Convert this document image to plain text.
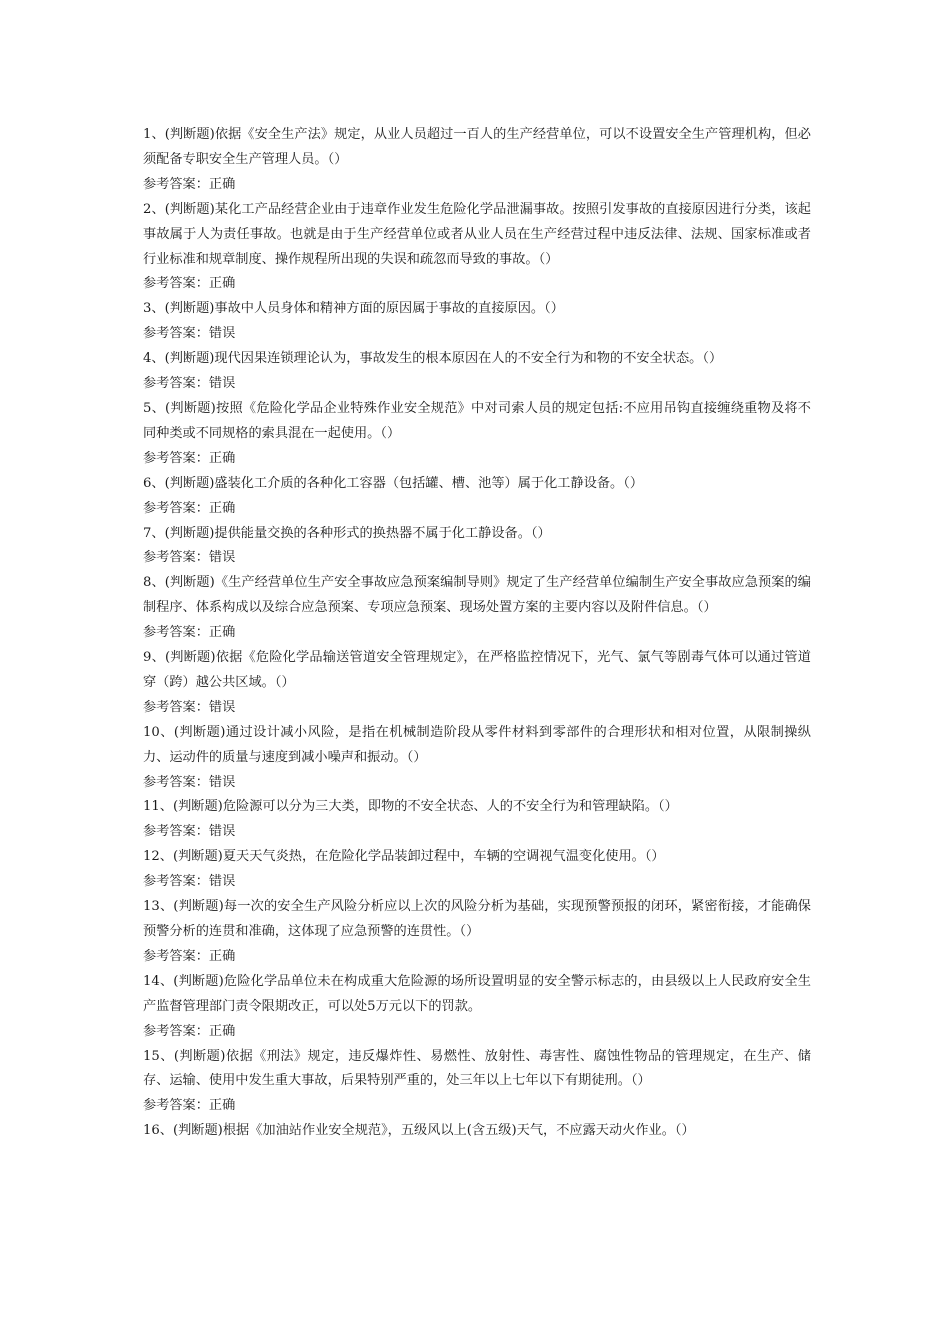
1、(判断题)依据《安全生产法》规定，从业人员超过一百人的生产经营单位，可以不设置安全生产管理机构，但必须配备专职安全生产管理人员。（）

参考答案：正确

2、(判断题)某化工产品经营企业由于违章作业发生危险化学品泄漏事故。按照引发事故的直接原因进行分类，该起事故属于人为责任事故。也就是由于生产经营单位或者从业人员在生产经营过程中违反法律、法规、国家标准或者行业标准和规章制度、操作规程所出现的失误和疏忽而导致的事故。（）

参考答案：正确

3、(判断题)事故中人员身体和精神方面的原因属于事故的直接原因。（）

参考答案：错误

4、(判断题)现代因果连锁理论认为，事故发生的根本原因在人的不安全行为和物的不安全状态。（）

参考答案：错误

5、(判断题)按照《危险化学品企业特殊作业安全规范》中对司索人员的规定包括:不应用吊钩直接缠绕重物及将不同种类或不同规格的索具混在一起使用。（）

参考答案：正确

6、(判断题)盛装化工介质的各种化工容器（包括罐、槽、池等）属于化工静设备。（）

参考答案：正确

7、(判断题)提供能量交换的各种形式的换热器不属于化工静设备。（）

参考答案：错误

8、(判断题)《生产经营单位生产安全事故应急预案编制导则》规定了生产经营单位编制生产安全事故应急预案的编制程序、体系构成以及综合应急预案、专项应急预案、现场处置方案的主要内容以及附件信息。（）

参考答案：正确

9、(判断题)依据《危险化学品输送管道安全管理规定》，在严格监控情况下，光气、氯气等剧毒气体可以通过管道穿（跨）越公共区域。（）

参考答案：错误

10、(判断题)通过设计减小风险，是指在机械制造阶段从零件材料到零部件的合理形状和相对位置，从限制操纵力、运动件的质量与速度到减小噪声和振动。（）

参考答案：错误

11、(判断题)危险源可以分为三大类，即物的不安全状态、人的不安全行为和管理缺陷。（）

参考答案：错误

12、(判断题)夏天天气炎热，在危险化学品装卸过程中，车辆的空调视气温变化使用。（）

参考答案：错误

13、(判断题)每一次的安全生产风险分析应以上次的风险分析为基础，实现预警预报的闭环，紧密衔接，才能确保预警分析的连贯和准确，这体现了应急预警的连贯性。（）

参考答案：正确

14、(判断题)危险化学品单位未在构成重大危险源的场所设置明显的安全警示标志的，由县级以上人民政府安全生产监督管理部门责令限期改正，可以处5万元以下的罚款。

参考答案：正确

15、(判断题)依据《刑法》规定，违反爆炸性、易燃性、放射性、毒害性、腐蚀性物品的管理规定，在生产、储存、运输、使用中发生重大事故，后果特别严重的，处三年以上七年以下有期徒刑。（）

参考答案：正确

16、(判断题)根据《加油站作业安全规范》，五级风以上(含五级)天气，不应露天动火作业。（）
